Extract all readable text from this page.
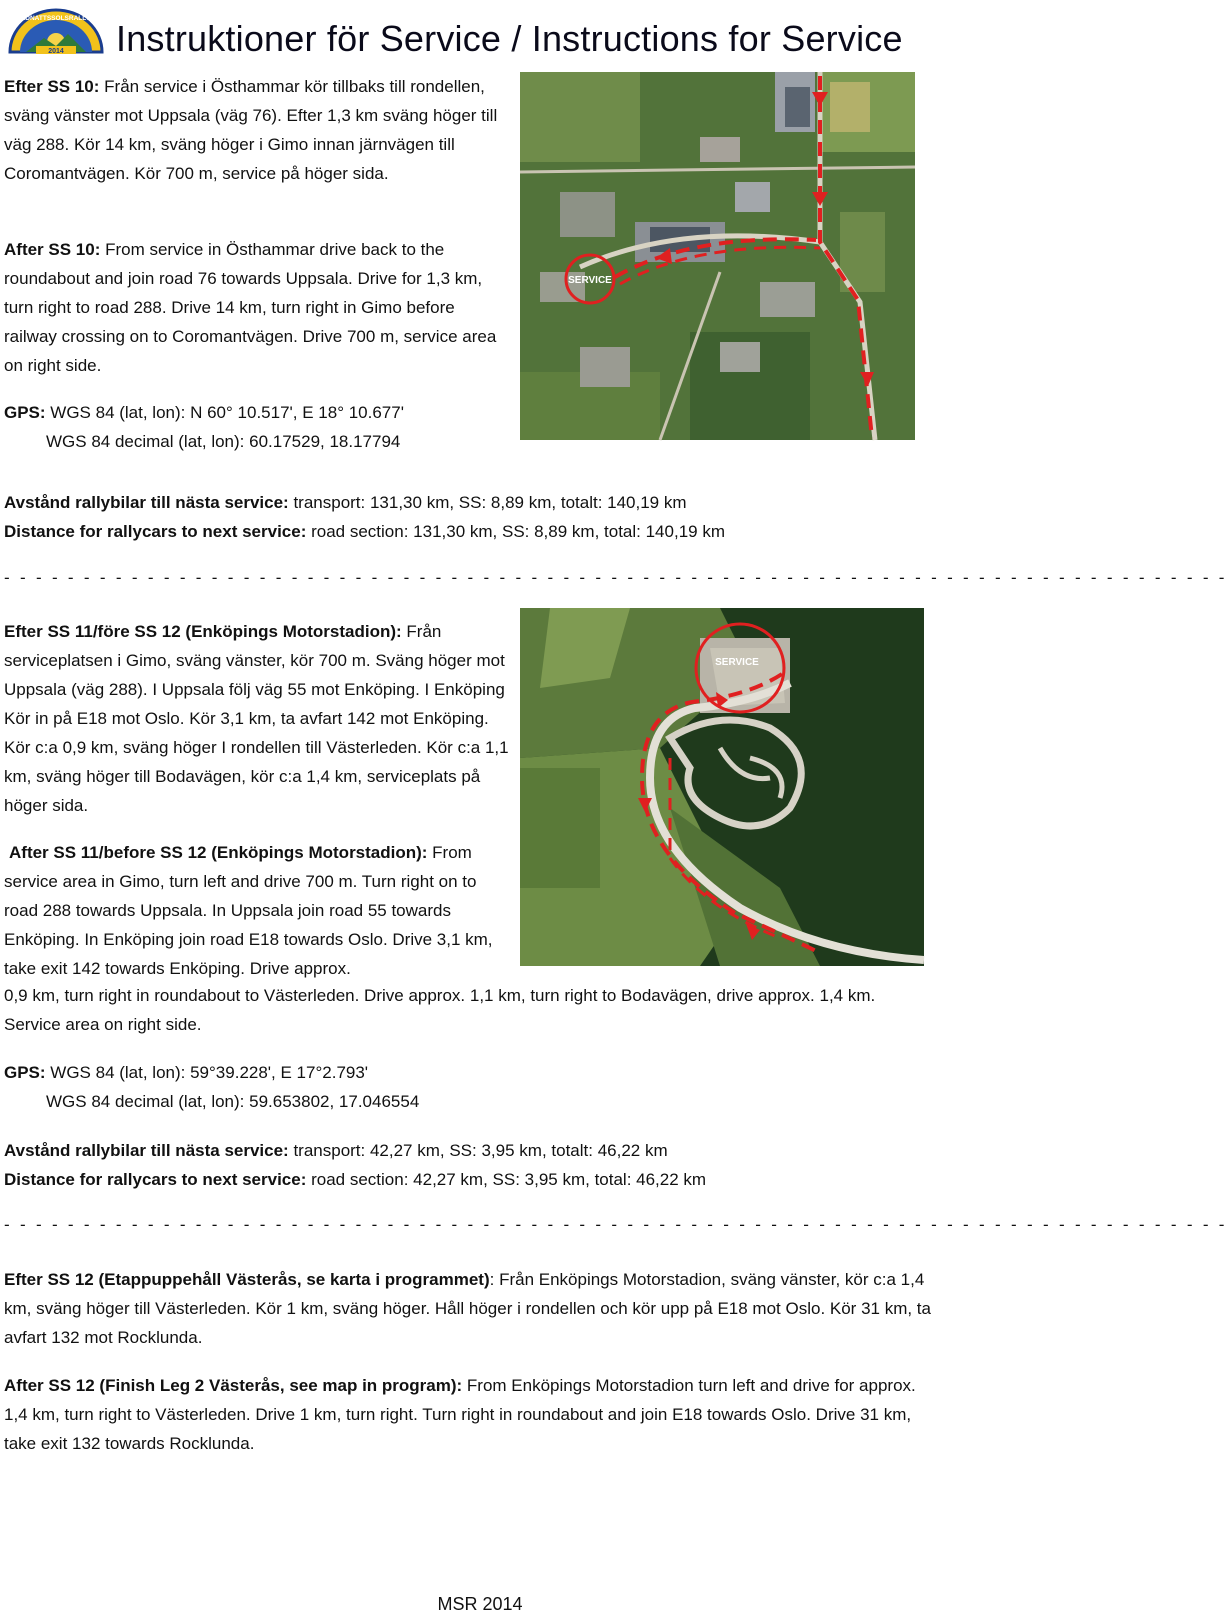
2014
MIDNATTSSOLSRALLYT Instruktioner för Service / Instructions for Service
Efter SS 10: Från service i Östhammar kör tillbaks till rondellen, sväng vänster mot Uppsala (väg 76). Efter 1,3 km sväng höger till väg 288. Kör 14 km, sväng höger i Gimo innan järnvägen till Coromantvägen. Kör 700 m, service på höger sida.
After SS 10: From service in Östhammar drive back to the roundabout and join road 76 towards Uppsala. Drive for 1,3 km, turn right to road 288. Drive 14 km, turn right in Gimo before railway crossing on to Coromantvägen. Drive 700 m, service area on right side.
GPS: WGS 84 (lat, lon): N 60° 10.517', E 18° 10.677'
WGS 84 decimal (lat, lon): 60.17529, 18.17794
SERVICE
Avstånd rallybilar till nästa service: transport: 131,30 km, SS: 8,89 km, totalt: 140,19 km
Distance for rallycars to next service: road section: 131,30 km, SS: 8,89 km, total: 140,19 km
- - - - - - - - - - - - - - - - - - - - - - - - - - - - - - - - - - - - - - - - - - - - - - - - - - - - - - - - - - - - - - - - - - - - - - - - - - - - -
Efter SS 11/före SS 12 (Enköpings Motorstadion): Från serviceplatsen i Gimo, sväng vänster, kör 700 m. Sväng höger mot Uppsala (väg 288). I Uppsala följ väg 55 mot Enköping. I Enköping Kör in på E18 mot Oslo. Kör 3,1 km, ta avfart 142 mot Enköping. Kör c:a 0,9 km, sväng höger I rondellen till Västerleden. Kör c:a 1,1 km, sväng höger till Bodavägen, kör c:a 1,4 km, serviceplats på höger sida.
After SS 11/before SS 12 (Enköpings Motorstadion): From service area in Gimo, turn left and drive 700 m. Turn right on to road 288 towards Uppsala. In Uppsala join road 55 towards Enköping. In Enköping join road E18 towards Oslo. Drive 3,1 km, take exit 142 towards Enköping. Drive approx.
0,9 km, turn right in roundabout to Västerleden. Drive approx. 1,1 km, turn right to Bodavägen, drive approx. 1,4 km. Service area on right side.
GPS: WGS 84 (lat, lon): 59°39.228', E 17°2.793'
WGS 84 decimal (lat, lon): 59.653802, 17.046554
SERVICE
Avstånd rallybilar till nästa service: transport: 42,27 km, SS: 3,95 km, totalt: 46,22 km
Distance for rallycars to next service: road section: 42,27 km, SS: 3,95 km, total: 46,22 km
- - - - - - - - - - - - - - - - - - - - - - - - - - - - - - - - - - - - - - - - - - - - - - - - - - - - - - - - - - - - - - - - - - - - - - - - - - - - -
Efter SS 12 (Etappuppehåll Västerås, se karta i programmet): Från Enköpings Motorstadion, sväng vänster, kör c:a 1,4 km, sväng höger till Västerleden. Kör 1 km, sväng höger. Håll höger i rondellen och kör upp på E18 mot Oslo. Kör 31 km, ta avfart 132 mot Rocklunda.
After SS 12 (Finish Leg 2 Västerås, see map in program): From Enköpings Motorstadion turn left and drive for approx. 1,4 km, turn right to Västerleden. Drive 1 km, turn right. Turn right in roundabout and join E18 towards Oslo. Drive 31 km, take exit 132 towards Rocklunda.
MSR 2014
